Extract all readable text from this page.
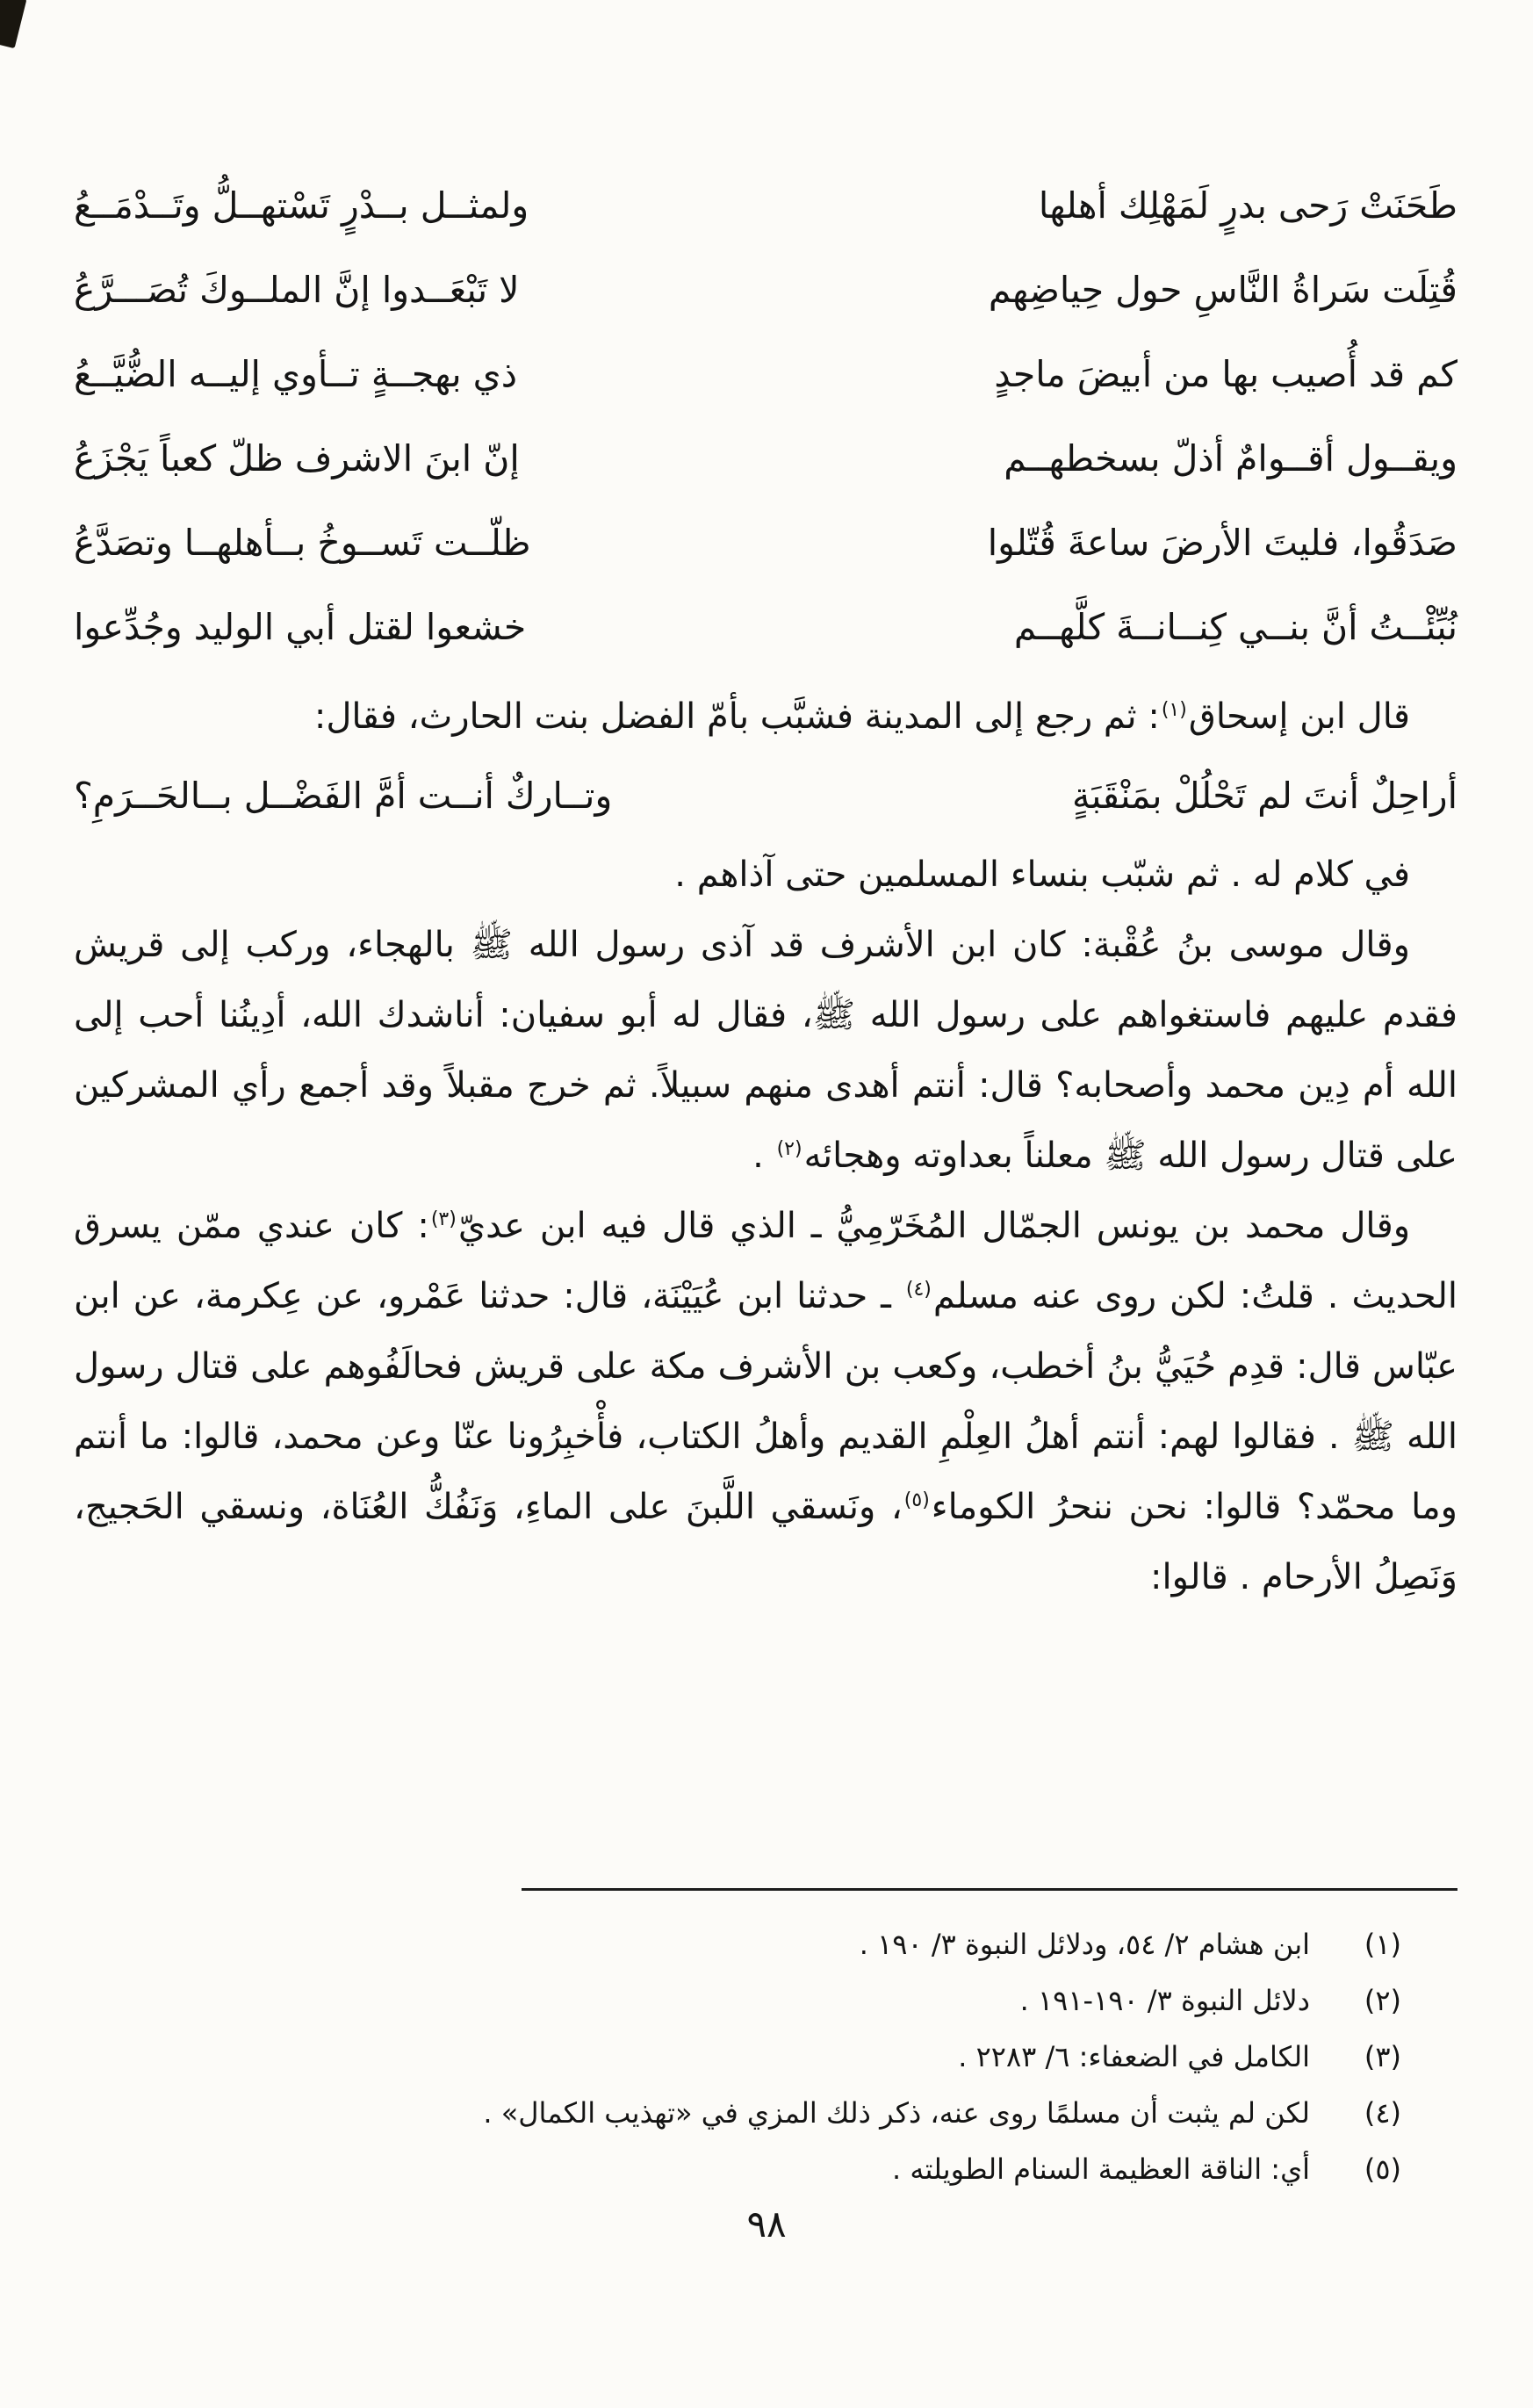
طَحَنَتْ رَحى بدرٍ لَمَهْلِك أهلها
ولمثــل بــدْرٍ تَسْتهــلُّ وتَــدْمَــعُ
قُتِلَت سَراةُ النَّاسِ حول حِياضِهم
لا تَبْعَــدوا إنَّ الملــوكَ تُصَـــرَّعُ
كم قد أُصيب بها من أبيضَ ماجدٍ
ذي بهجــةٍ تــأوي إليــه الضُّيَّــعُ
ويقــول أقــوامٌ أذلّ بسخطهــم
إنّ ابنَ الاشرف ظلّ كعباً يَجْزَعُ
صَدَقُوا، فليتَ الأرضَ ساعةَ قُتّلوا
ظلّــت تَســوخُ بــأهلهــا وتصَدَّعُ
نُبِّئْــتُ أنَّ بنــي كِنــانــةَ كلَّهــم
خشعوا لقتل أبي الوليد وجُدِّعوا

قال ابن إسحاق$^{(١)}$: ثم رجع إلى المدينة فشبَّب بأمّ الفضل بنت الحارث، فقال:

أراحِلٌ أنتَ لم تَحْلُلْ بمَنْقَبَةٍ
وتــاركٌ أنــت أمَّ الفَضْــل بــالحَــرَمِ؟

في كلام له . ثم شبّب بنساء المسلمين حتى آذاهم .

وقال موسى بنُ عُقْبة: كان ابن الأشرف قد آذى رسول الله ﷺ بالهجاء، وركب إلى قريش فقدم عليهم فاستغواهم على رسول الله ﷺ، فقال له أبو سفيان: أناشدك الله، أدِينُنا أحب إلى الله أم دِين محمد وأصحابه؟ قال: أنتم أهدى منهم سبيلاً. ثم خرج مقبلاً وقد أجمع رأي المشركين على قتال رسول الله ﷺ معلناً بعداوته وهجائه$^{(٢)}$ .

وقال محمد بن يونس الجمّال المُخَرّمِيُّ ـ الذي قال فيه ابن عديّ$^{(٣)}$: كان عندي ممّن يسرق الحديث . قلتُ: لكن روى عنه مسلم$^{(٤)}$ ـ حدثنا ابن عُيَيْنَة، قال: حدثنا عَمْرو، عن عِكرمة، عن ابن عبّاس قال: قدِم حُيَيُّ بنُ أخطب، وكعب بن الأشرف مكة على قريش فحالَفُوهم على قتال رسول الله ﷺ . فقالوا لهم: أنتم أهلُ العِلْمِ القديم وأهلُ الكتاب، فأْخبِرُونا عنّا وعن محمد، قالوا: ما أنتم وما محمّد؟ قالوا: نحن ننحرُ الكوماء$^{(٥)}$، ونَسقي اللَّبنَ على الماءِ، وَنَفُكُّ العُنَاة، ونسقي الحَجيج، وَنَصِلُ الأرحام . قالوا:

(١)
ابن هشام ٢/ ٥٤، ودلائل النبوة ٣/ ١٩٠ .
(٢)
دلائل النبوة ٣/ ١٩٠-١٩١ .
(٣)
الكامل في الضعفاء: ٦/ ٢٢٨٣ .
(٤)
لكن لم يثبت أن مسلمًا روى عنه، ذكر ذلك المزي في «تهذيب الكمال» .
(٥)
أي: الناقة العظيمة السنام الطويلته .
٩٨
